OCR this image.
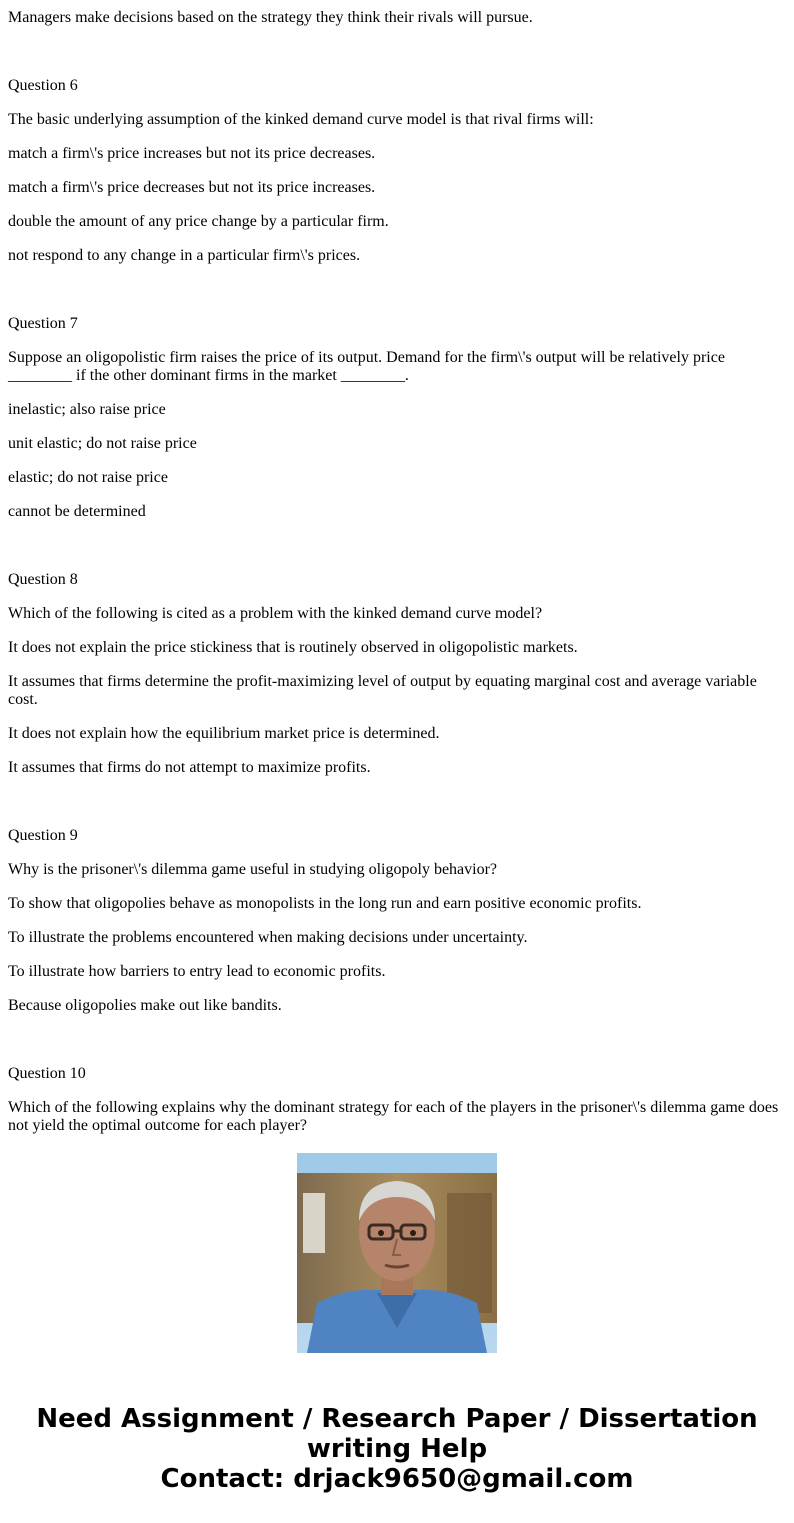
Managers make decisions based on the strategy they think their rivals will pursue.

Question 6

The basic underlying assumption of the kinked demand curve model is that rival firms will:

match a firm\'s price increases but not its price decreases.

match a firm\'s price decreases but not its price increases.

double the amount of any price change by a particular firm.

not respond to any change in a particular firm\'s prices.

Question 7

Suppose an oligopolistic firm raises the price of its output. Demand for the firm\'s output will be relatively price ________ if the other dominant firms in the market ________.

inelastic; also raise price

unit elastic; do not raise price

elastic; do not raise price

cannot be determined

Question 8

Which of the following is cited as a problem with the kinked demand curve model?

It does not explain the price stickiness that is routinely observed in oligopolistic markets.

It assumes that firms determine the profit-maximizing level of output by equating marginal cost and average variable cost.

It does not explain how the equilibrium market price is determined.

It assumes that firms do not attempt to maximize profits.

Question 9

Why is the prisoner\'s dilemma game useful in studying oligopoly behavior?

To show that oligopolies behave as monopolists in the long run and earn positive economic profits.

To illustrate the problems encountered when making decisions under uncertainty.

To illustrate how barriers to entry lead to economic profits.

Because oligopolies make out like bandits.

Question 10

Which of the following explains why the dominant strategy for each of the players in the prisoner\'s dilemma game does not yield the optimal outcome for each player?

Need Assignment / Research Paper / Dissertation
writing Help
Contact: drjack9650@gmail.com
